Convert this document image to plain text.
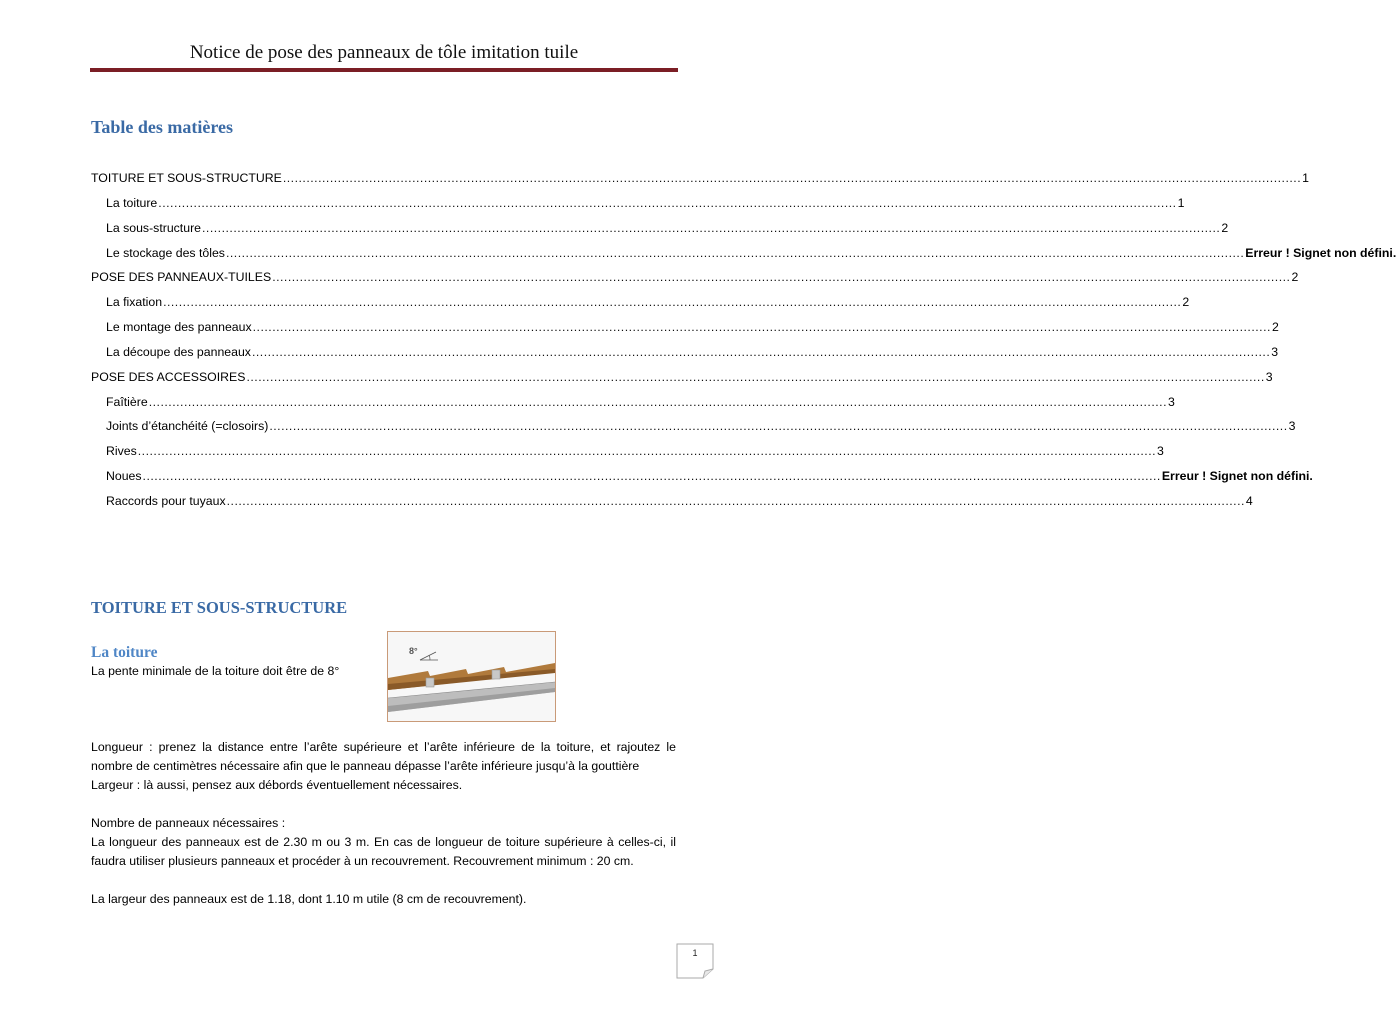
Notice de pose des panneaux de tôle imitation tuile
Table des matières
TOITURE ET SOUS-STRUCTURE .................................................................................................................................................................................................................................................................... 1
La toiture .................................................................................................................................................................................................................................................................... 1
La sous-structure .................................................................................................................................................................................................................................................................... 2
Le stockage des tôles .................................................................................................................................................................................................................................................................... Erreur ! Signet non défini.
POSE DES PANNEAUX-TUILES .................................................................................................................................................................................................................................................................... 2
La fixation .................................................................................................................................................................................................................................................................... 2
Le montage des panneaux .................................................................................................................................................................................................................................................................... 2
La découpe des panneaux .................................................................................................................................................................................................................................................................... 3
POSE DES ACCESSOIRES .................................................................................................................................................................................................................................................................... 3
Faîtière .................................................................................................................................................................................................................................................................... 3
Joints d’étanchéité (=closoirs) .................................................................................................................................................................................................................................................................... 3
Rives .................................................................................................................................................................................................................................................................... 3
Noues .................................................................................................................................................................................................................................................................... Erreur ! Signet non défini.
Raccords pour tuyaux .................................................................................................................................................................................................................................................................... 4
TOITURE ET SOUS-STRUCTURE
La toiture
La pente minimale de la toiture doit être de 8°
8°
Longueur : prenez la distance entre l’arête supérieure et l’arête inférieure de la toiture, et rajoutez le nombre de centimètres nécessaire afin que le panneau dépasse l’arête inférieure jusqu’à la gouttière
Largeur : là aussi, pensez aux débords éventuellement nécessaires.
Nombre de panneaux nécessaires :
La longueur des panneaux est de 2.30 m ou 3 m. En cas de longueur de toiture supérieure à celles-ci, il faudra utiliser plusieurs panneaux et procéder à un recouvrement. Recouvrement minimum : 20 cm.
La largeur des panneaux est de 1.18, dont 1.10 m utile (8 cm de recouvrement).
1
